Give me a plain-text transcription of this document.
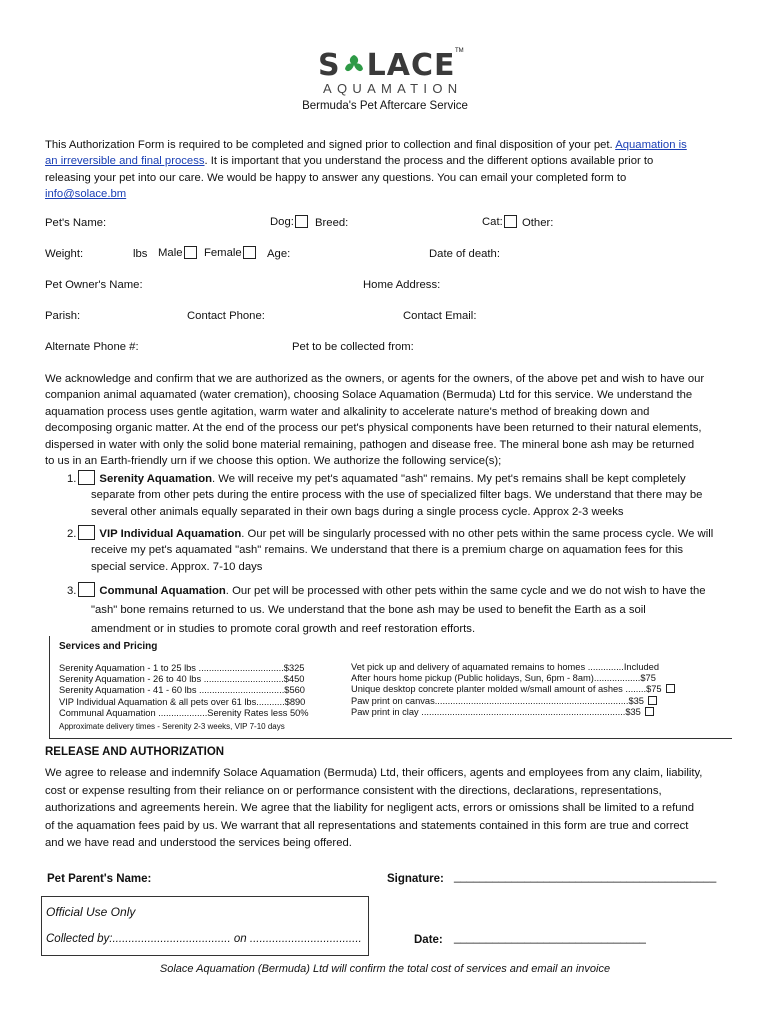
S LACE
AQUAMATION
TM
Bermuda's Pet Aftercare Service
This Authorization Form is required to be completed and signed prior to collection and final disposition of your pet. Aquamation is
an irreversible and final process. It is important that you understand the process and the different options available prior to
releasing your pet into our care. We would be happy to answer any questions. You can email your completed form to
info@solace.bm
Pet's Name:	Dog:	Breed:	Cat:	Other:
Weight:	lbs Male	Female	Age:	Date of death:
Pet Owner's Name:	Home Address:
Parish:	Contact Phone:	Contact Email:
Alternate Phone #:	Pet to be collected from:
We acknowledge and confirm that we are authorized as the owners, or agents for the owners, of the above pet and wish to have our
companion animal aquamated (water cremation), choosing Solace Aquamation (Bermuda) Ltd for this service. We understand the
aquamation process uses gentle agitation, warm water and alkalinity to accelerate nature's method of breaking down and
decomposing organic matter. At the end of the process our pet's physical components have been returned to their natural elements,
dispersed in water with only the solid bone material remaining, pathogen and disease free. The mineral bone ash may be returned
to us in an Earth-friendly urn if we choose this option. We authorize the following service(s);
1. Serenity Aquamation. We will receive my pet's aquamated "ash" remains. My pet's remains shall be kept completely
separate from other pets during the entire process with the use of specialized filter bags. We understand that there may be
several other animals equally separated in their own bags during a single process cycle. Approx 2-3 weeks
2. VIP Individual Aquamation. Our pet will be singularly processed with no other pets within the same process cycle. We will
receive my pet's aquamated "ash" remains. We understand that there is a premium charge on aquamation fees for this
special service. Approx. 7-10 days
3. Communal Aquamation. Our pet will be processed with other pets within the same cycle and we do not wish to have the
"ash" bone remains returned to us. We understand that the bone ash may be used to benefit the Earth as a soil
amendment or in studies to promote coral growth and reef restoration efforts.
Services and Pricing
Serenity Aquamation - 1 to 25 lbs .................................$325
Serenity Aquamation - 26 to 40 lbs ...............................$450
Serenity Aquamation - 41 - 60 lbs .................................$560
VIP Individual Aquamation & all pets over 61 lbs...........$890
Communal Aquamation ...................Serenity Rates less 50%
Approximate delivery times - Serenity 2-3 weeks, VIP 7-10 days
Vet pick up and delivery of aquamated remains to homes ..............Included
After hours home pickup (Public holidays, Sun, 6pm - 8am)..................$75
Unique desktop concrete planter molded w/small amount of ashes ........$75
Paw print on canvas...........................................................................$35
Paw print in clay ...............................................................................$35
RELEASE AND AUTHORIZATION
We agree to release and indemnify Solace Aquamation (Bermuda) Ltd, their officers, agents and employees from any claim, liability,
cost or expense resulting from their reliance on or performance consistent with the directions, declarations, representations,
authorizations and agreements herein. We agree that the liability for negligent acts, errors or omissions shall be limited to a refund
of the aquamation fees paid by us. We warrant that all representations and statements contained in this form are true and correct
and we have read and understood the services being offered.
Pet Parent's Name:	Signature: _________________________________________
Official Use Only
Collected by:..................................... on ...................................	Date: ______________________________
Solace Aquamation (Bermuda) Ltd will confirm the total cost of services and email an invoice
